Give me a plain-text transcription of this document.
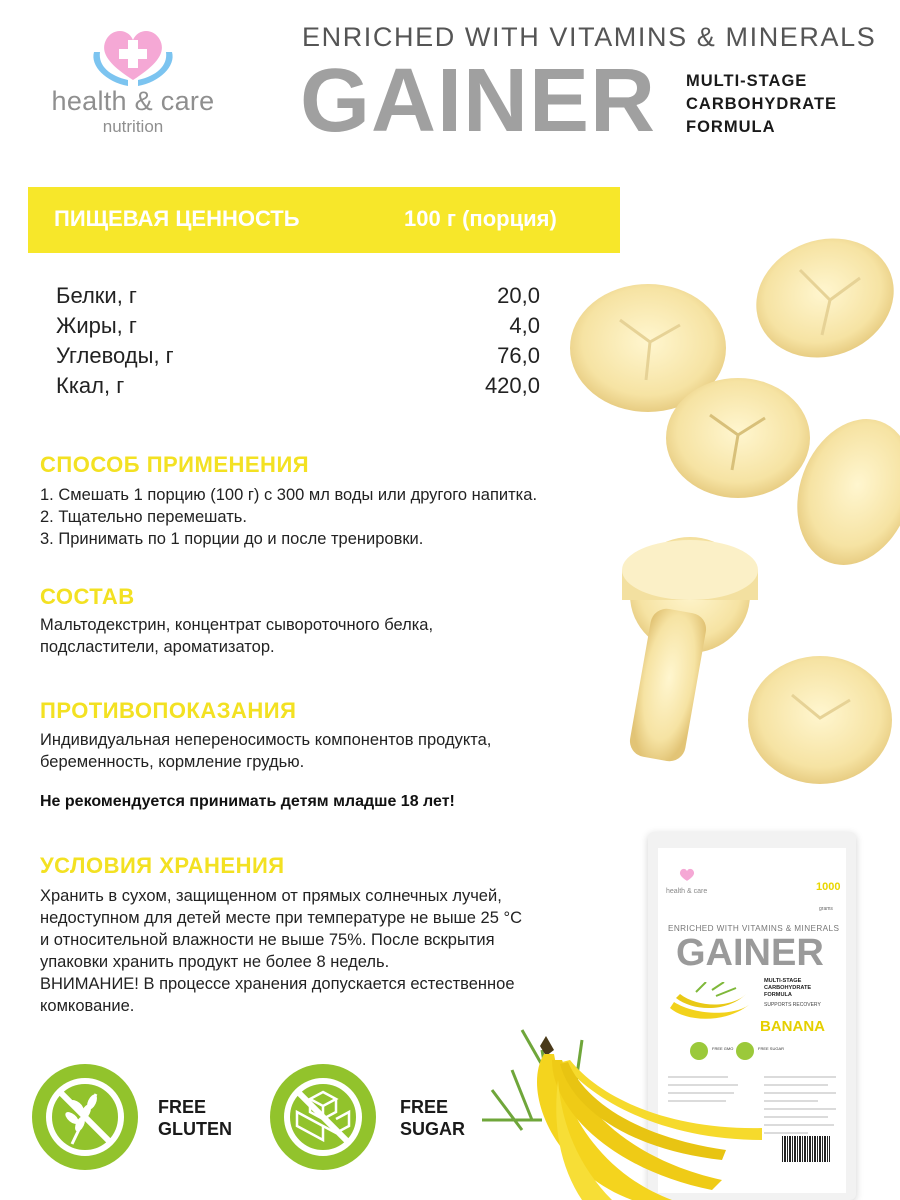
health & care
nutrition
ENRICHED WITH VITAMINS & MINERALS
GAINER MULTI-STAGE
CARBOHYDRATE
FORMULA
ПИЩЕВАЯ ЦЕННОСТЬ	100 г (порция)
Белки, г	20,0
Жиры, г	4,0
Углеводы, г	76,0
Ккал, г	420,0
СПОСОБ ПРИМЕНЕНИЯ
1. Смешать 1 порцию (100 г) с 300 мл воды или другого напитка.
2. Тщательно перемешать.
3. Принимать по 1 порции до и после тренировки.
СОСТАВ
Мальтодекстрин, концентрат сывороточного белка,
подсластители, ароматизатор.
ПРОТИВОПОКАЗАНИЯ
Индивидуальная непереносимость компонентов продукта,
беременность, кормление грудью.
Не рекомендуется принимать детям младше 18 лет!
УСЛОВИЯ ХРАНЕНИЯ
Хранить в сухом, защищенном от прямых солнечных лучей,
недоступном для детей месте при температуре не выше 25 °С
и относительной влажности не выше 75%. После вскрытия
упаковки хранить продукт не более 8 недель.
ВНИМАНИЕ! В процессе хранения допускается естественное
комкование.
FREE
GLUTEN
FREE
SUGAR
health & care	1000
grams
ENRICHED WITH VITAMINS & MINERALS
GAINER
MULTI-STAGE
CARBOHYDRATE
FORMULA
SUPPORTS RECOVERY
BANANA
FREE GMO	FREE SUGAR
